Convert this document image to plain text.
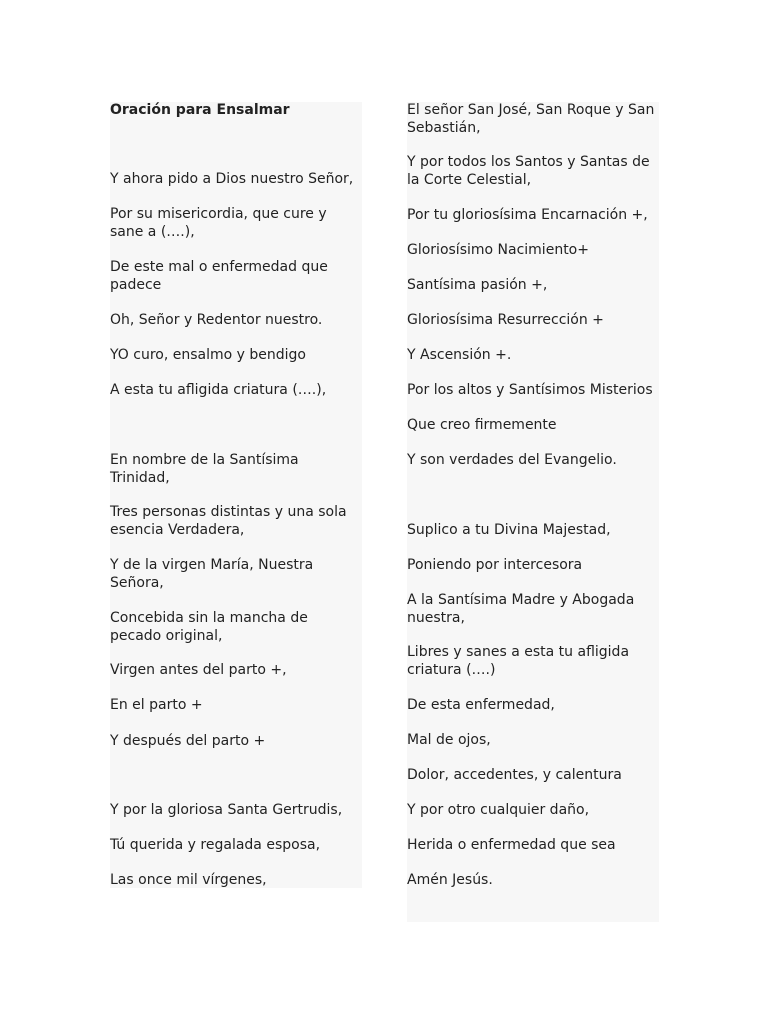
Oración para Ensalmar

Y ahora pido a Dios nuestro Señor,

Por su misericordia, que cure y sane a (….),

De este mal o enfermedad que padece

Oh, Señor y Redentor nuestro.

YO curo, ensalmo y bendigo

A esta tu afligida criatura (….),

En nombre de la Santísima Trinidad,

Tres personas distintas y una sola esencia Verdadera,

Y de la virgen María, Nuestra Señora,

Concebida sin la mancha de pecado original,

Virgen antes del parto +,

En el parto +

Y después del parto +

Y por la gloriosa Santa Gertrudis,

Tú querida y regalada esposa,

Las once mil vírgenes,

El señor San José, San Roque y San Sebastián,

Y por todos los Santos y Santas de la Corte Celestial,

Por tu gloriosísima Encarnación +,

Gloriosísimo Nacimiento+

Santísima pasión +,

Gloriosísima Resurrección +

Y Ascensión +.

Por los altos y Santísimos Misterios

Que creo firmemente

Y son verdades del Evangelio.

Suplico a tu Divina Majestad,

Poniendo por intercesora

A la Santísima Madre y Abogada nuestra,

Libres y sanes a esta tu afligida criatura (….)

De esta enfermedad,

Mal de ojos,

Dolor, accedentes, y calentura

Y por otro cualquier daño,

Herida o enfermedad que sea

Amén Jesús.
